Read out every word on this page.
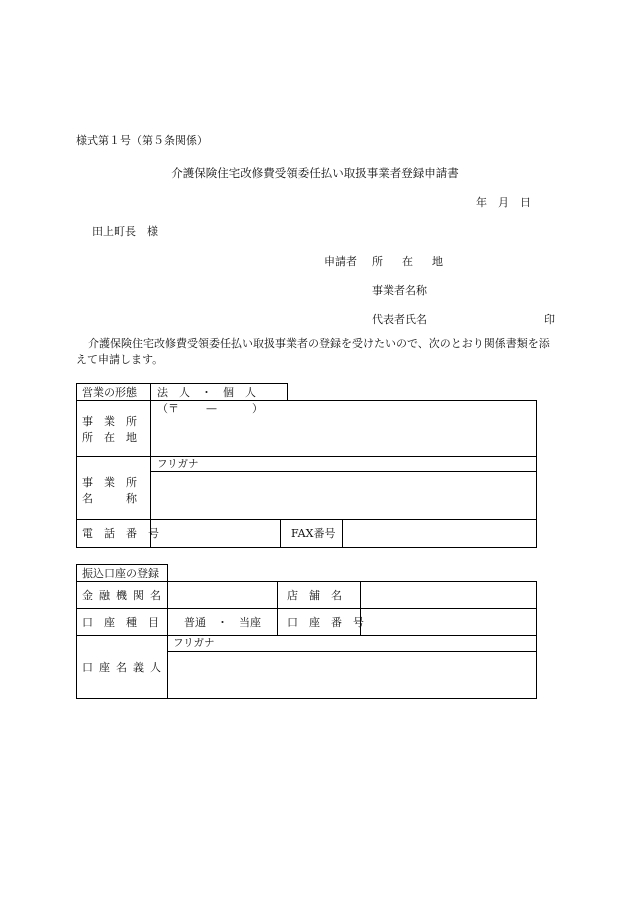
様式第１号（第５条関係）
介護保険住宅改修費受領委任払い取扱事業者登録申請書
年　月　日
田上町長　様
申請者 所　在　地
事業者名称
代表者氏名	印
介護保険住宅改修費受領委任払い取扱事業者の登録を受けたいので、次のとおり関係書類を添えて申請します。
営業の形態 法　人　・　個　人
事　業　所
所　在　地
（〒 —	）
事　業　所
名　　　称
フリガナ
電　話　番　号	FAX番号
振込口座の登録
金融機関名	店　舗　名
口　座　種　目 普通　・　当座 口　座　番　号
口座名義人
フリガナ
